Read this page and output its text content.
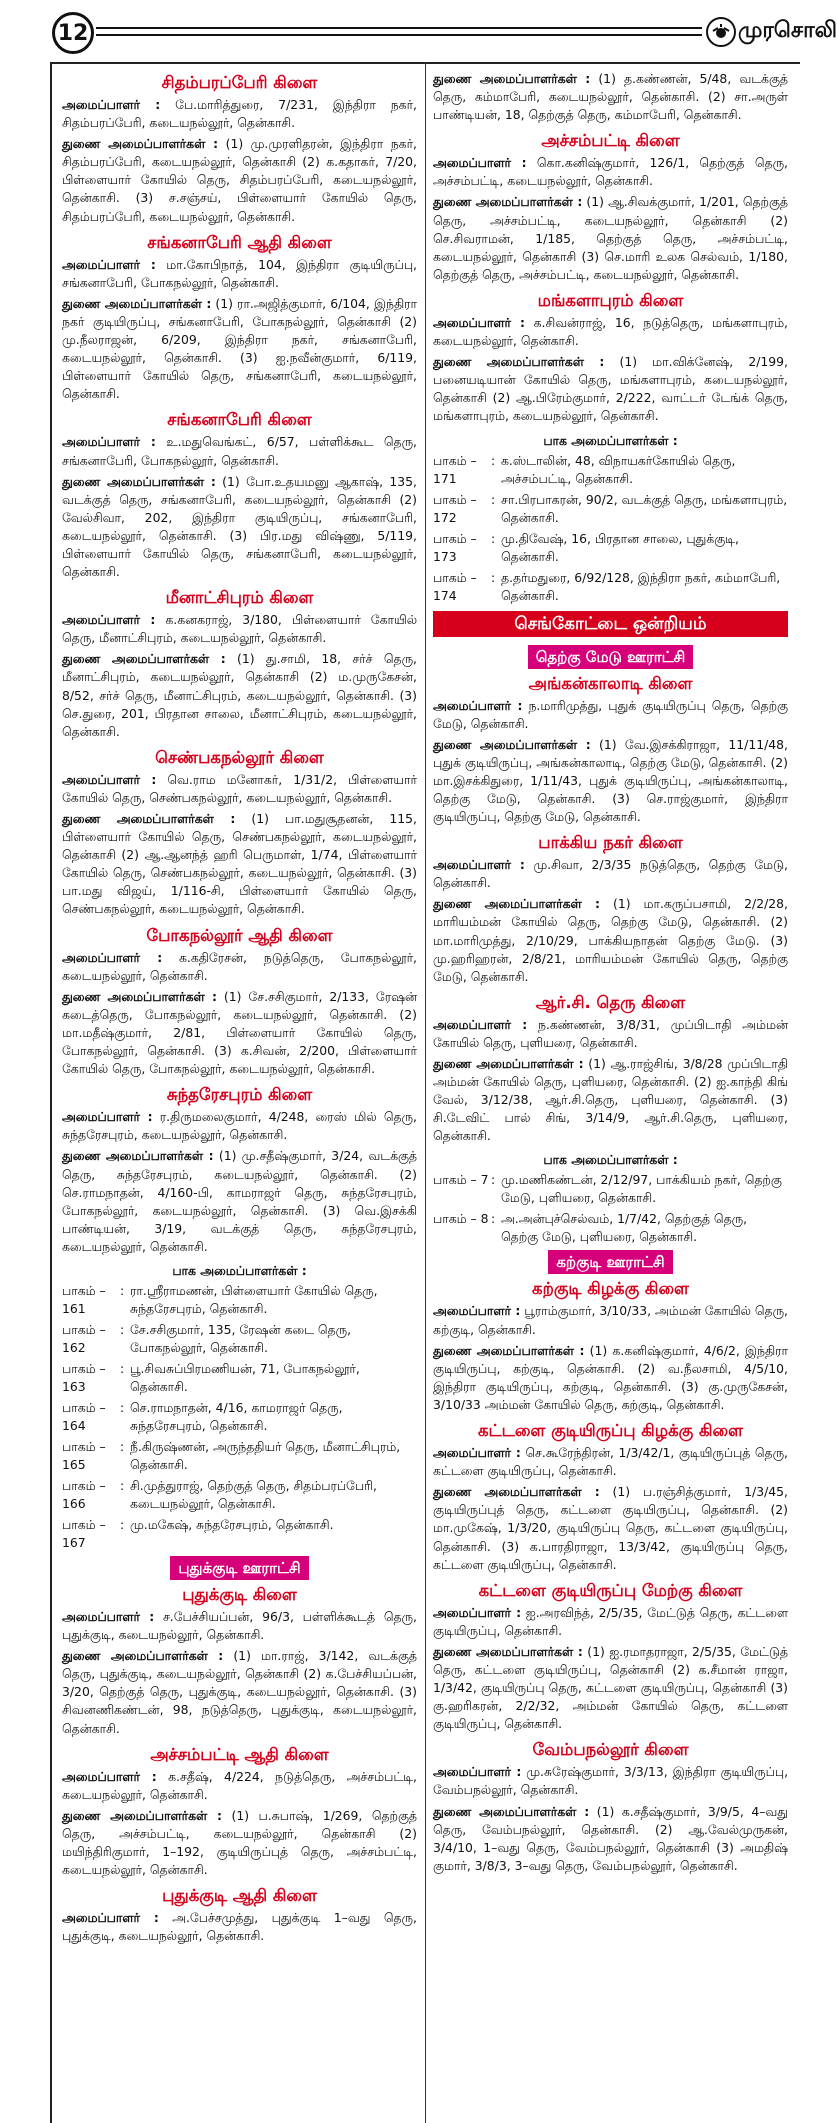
12	முரசொலி
சிதம்பரப்பேரி கிளை

அமைப்பாளர் : பே.மாரித்துரை, 7/231, இந்திரா நகர், சிதம்பரப்பேரி, கடையநல்லூர், தென்காசி.

துணை அமைப்பாளர்கள் : (1) மு.முரளிதரன், இந்திரா நகர், சிதம்பரப்பேரி, கடையநல்லூர், தென்காசி (2) க.கதாகர், 7/20, பிள்ளையார் கோயில் தெரு, சிதம்பரப்பேரி, கடையநல்லூர், தென்காசி. (3) ச.சஞ்சய், பிள்ளையார் கோயில் தெரு, சிதம்பரப்பேரி, கடையநல்லூர், தென்காசி.

சங்கனாபேரி ஆதி கிளை

அமைப்பாளர் : மா.கோபிநாத், 104, இந்திரா குடியிருப்பு, சங்கனாபேரி, போகநல்லூர், தென்காசி.

துணை அமைப்பாளர்கள் : (1) ரா.அஜித்குமார், 6/104, இந்திரா நகர் குடியிருப்பு, சங்கனாபேரி, போகநல்லூர், தென்காசி (2) மு.நீலராஜன், 6/209, இந்திரா நகர், சங்கனாபேரி, கடையநல்லூர், தென்காசி. (3) ஐ.நவீன்குமார், 6/119, பிள்ளையார் கோயில் தெரு, சங்கனாபேரி, கடையநல்லூர், தென்காசி.

சங்கனாபேரி கிளை

அமைப்பாளர் : உ.மதுவெங்கட், 6/57, பள்ளிக்கூட தெரு, சங்கனாபேரி, போகநல்லூர், தென்காசி.

துணை அமைப்பாளர்கள் : (1) போ.உதயமனு ஆகாஷ், 135, வடக்குத் தெரு, சங்கனாபேரி, கடையநல்லூர், தென்காசி (2) வேல்சிவா, 202, இந்திரா குடியிருப்பு, சங்கனாபேரி, கடையநல்லூர், தென்காசி. (3) பிர.மது விஷ்ணு, 5/119, பிள்ளையார் கோயில் தெரு, சங்கனாபேரி, கடையநல்லூர், தென்காசி.

மீனாட்சிபுரம் கிளை

அமைப்பாளர் : க.கனகராஜ், 3/180, பிள்ளையார் கோயில் தெரு, மீனாட்சிபுரம், கடையநல்லூர், தென்காசி.

துணை அமைப்பாளர்கள் : (1) து.சாமி, 18, சர்ச் தெரு, மீனாட்சிபுரம், கடையநல்லூர், தென்காசி (2) ம.முருகேசன், 8/52, சர்ச் தெரு, மீனாட்சிபுரம், கடையநல்லூர், தென்காசி. (3) செ.துரை, 201, பிரதான சாலை, மீனாட்சிபுரம், கடையநல்லூர், தென்காசி.

செண்பகநல்லூர் கிளை

அமைப்பாளர் : வெ.ராம மனோகர், 1/31/2, பிள்ளையார் கோயில் தெரு, செண்பகநல்லூர், கடையநல்லூர், தென்காசி.

துணை அமைப்பாளர்கள் : (1) பா.மதுசூதனன், 115, பிள்ளையார் கோயில் தெரு, செண்பகநல்லூர், கடையநல்லூர், தென்காசி (2) ஆ.ஆனந்த் ஹரி பெருமாள், 1/74, பிள்ளையார் கோயில் தெரு, செண்பகநல்லூர், கடையநல்லூர், தென்காசி. (3) பா.மது விஜய், 1/116-சி, பிள்ளையார் கோயில் தெரு, செண்பகநல்லூர், கடையநல்லூர், தென்காசி.

போகநல்லூர் ஆதி கிளை

அமைப்பாளர் : க.கதிரேசன், நடுத்தெரு, போகநல்லூர், கடையநல்லூர், தென்காசி.

துணை அமைப்பாளர்கள் : (1) சே.சசிகுமார், 2/133, ரேஷன் கடைத்தெரு, போகநல்லூர், கடையநல்லூர், தென்காசி. (2) மா.மதீஷ்குமார், 2/81, பிள்ளையார் கோயில் தெரு, போகநல்லூர், தென்காசி. (3) க.சிவன், 2/200, பிள்ளையார் கோயில் தெரு, போகநல்லூர், கடையநல்லூர், தென்காசி.

சுந்தரேசபுரம் கிளை

அமைப்பாளர் : ர.திருமலைகுமார், 4/248, ரைஸ் மில் தெரு, சுந்தரேசபுரம், கடையநல்லூர், தென்காசி.

துணை அமைப்பாளர்கள் : (1) மு.சதீஷ்குமார், 3/24, வடக்குத் தெரு, சுந்தரேசபுரம், கடையநல்லூர், தென்காசி. (2) செ.ராமநாதன், 4/160-பி, காமராஜர் தெரு, சுந்தரேசபுரம், போகநல்லூர், கடையநல்லூர், தென்காசி. (3) வெ.இசக்கி பாண்டியன், 3/19, வடக்குத் தெரு, சுந்தரேசபுரம், கடையநல்லூர், தென்காசி.

பாக அமைப்பாளர்கள் :
பாகம் – 161
: ரா.ஸ்ரீராமணன், பிள்ளையார் கோயில் தெரு, சுந்தரேசபுரம், தென்காசி.
பாகம் – 162
: சே.சசிகுமார், 135, ரேஷன் கடை தெரு, போகநல்லூர், தென்காசி.
பாகம் – 163
: பூ.சிவசுப்பிரமணியன், 71, போகநல்லூர், தென்காசி.
பாகம் – 164
: செ.ராமநாதன், 4/16, காமராஜர் தெரு, சுந்தரேசபுரம், தென்காசி.
பாகம் – 165
: நீ.கிருஷ்ணன், அருந்ததியர் தெரு, மீனாட்சிபுரம், தென்காசி.
பாகம் – 166
: சி.முத்துராஜ், தெற்குத் தெரு, சிதம்பரப்பேரி, கடையநல்லூர், தென்காசி.
பாகம் – 167
: மு.மகேஷ், சுந்தரேசபுரம், தென்காசி.
புதுக்குடி ஊராட்சி
புதுக்குடி கிளை

அமைப்பாளர் : ச.பேச்சியப்பன், 96/3, பள்ளிக்கூடத் தெரு, புதுக்குடி, கடையநல்லூர், தென்காசி.

துணை அமைப்பாளர்கள் : (1) மா.ராஜ், 3/142, வடக்குத் தெரு, புதுக்குடி, கடையநல்லூர், தென்காசி (2) க.பேச்சியப்பன், 3/20, தெற்குத் தெரு, புதுக்குடி, கடையநல்லூர், தென்காசி. (3) சிவனணிகண்டன், 98, நடுத்தெரு, புதுக்குடி, கடையநல்லூர், தென்காசி.

அச்சம்பட்டி ஆதி கிளை

அமைப்பாளர் : க.சதீஷ், 4/224, நடுத்தெரு, அச்சம்பட்டி, கடையநல்லூர், தென்காசி.

துணை அமைப்பாளர்கள் : (1) ப.சுபாஷ், 1/269, தெற்குத் தெரு, அச்சம்பட்டி, கடையநல்லூர், தென்காசி (2) மயிந்திரிகுமார், 1–192, குடியிருப்புத் தெரு, அச்சம்பட்டி, கடையநல்லூர், தென்காசி.

புதுக்குடி ஆதி கிளை

அமைப்பாளர் : அ.பேச்சமுத்து, புதுக்குடி 1–வது தெரு, புதுக்குடி, கடையநல்லூர், தென்காசி.

துணை அமைப்பாளர்கள் : (1) த.கண்ணன், 5/48, வடக்குத் தெரு, கம்மாபேரி, கடையநல்லூர், தென்காசி. (2) சா.அருள் பாண்டியன், 18, தெற்குத் தெரு, கம்மாபேரி, தென்காசி.

அச்சம்பட்டி கிளை

அமைப்பாளர் : கொ.கனிஷ்குமார், 126/1, தெற்குத் தெரு, அச்சம்பட்டி, கடையநல்லூர், தென்காசி.

துணை அமைப்பாளர்கள் : (1) ஆ.சிவக்குமார், 1/201, தெற்குத் தெரு, அச்சம்பட்டி, கடையநல்லூர், தென்காசி (2) செ.சிவராமன், 1/185, தெற்குத் தெரு, அச்சம்பட்டி, கடையநல்லூர், தென்காசி (3) செ.மாரி உலக செல்வம், 1/180, தெற்குத் தெரு, அச்சம்பட்டி, கடையநல்லூர், தென்காசி.

மங்களாபுரம் கிளை

அமைப்பாளர் : க.சிவன்ராஜ், 16, நடுத்தெரு, மங்களாபுரம், கடையநல்லூர், தென்காசி.

துணை அமைப்பாளர்கள் : (1) மா.விக்னேஷ், 2/199, பனையடியான் கோயில் தெரு, மங்களாபுரம், கடையநல்லூர், தென்காசி (2) ஆ.பிரேம்குமார், 2/222, வாட்டர் டேங்க் தெரு, மங்களாபுரம், கடையநல்லூர், தென்காசி.

பாக அமைப்பாளர்கள் :
பாகம் – 171
: க.ஸ்டாலின், 48, விநாயகர்கோயில் தெரு, அச்சம்பட்டி, தென்காசி.
பாகம் – 172
: சா.பிரபாகரன், 90/2, வடக்குத் தெரு, மங்களாபுரம், தென்காசி.
பாகம் – 173
: மு.திவேஷ், 16, பிரதான சாலை, புதுக்குடி, தென்காசி.
பாகம் – 174
: த.தர்மதுரை, 6/92/128, இந்திரா நகர், கம்மாபேரி, தென்காசி.
செங்கோட்டை ஒன்றியம்
தெற்கு மேடு ஊராட்சி
அங்கன்காலாடி கிளை

அமைப்பாளர் : ந.மாரிமுத்து, புதுக் குடியிருப்பு தெரு, தெற்கு மேடு, தென்காசி.

துணை அமைப்பாளர்கள் : (1) வே.இசக்கிராஜா, 11/11/48, புதுக் குடியிருப்பு, அங்கன்காலாடி, தெற்கு மேடு, தென்காசி. (2) மா.இசக்கிதுரை, 1/11/43, புதுக் குடியிருப்பு, அங்கன்காலாடி, தெற்கு மேடு, தென்காசி. (3) செ.ராஜ்குமார், இந்திரா குடியிருப்பு, தெற்கு மேடு, தென்காசி.

பாக்கிய நகர் கிளை

அமைப்பாளர் : மு.சிவா, 2/3/35 நடுத்தெரு, தெற்கு மேடு, தென்காசி.

துணை அமைப்பாளர்கள் : (1) மா.கருப்பசாமி, 2/2/28, மாரியம்மன் கோயில் தெரு, தெற்கு மேடு, தென்காசி. (2) மா.மாரிமுத்து, 2/10/29, பாக்கியநாதன் தெற்கு மேடு. (3) மு.ஹரிஹரன், 2/8/21, மாரியம்மன் கோயில் தெரு, தெற்கு மேடு, தென்காசி.

ஆர்.சி. தெரு கிளை

அமைப்பாளர் : ந.கண்ணன், 3/8/31, முப்பிடாதி அம்மன் கோயில் தெரு, புளியரை, தென்காசி.

துணை அமைப்பாளர்கள் : (1) ஆ.ராஜ்சிங், 3/8/28 முப்பிடாதி அம்மன் கோயில் தெரு, புளியரை, தென்காசி. (2) ஐ.காந்தி கிங் வேல், 3/12/38, ஆர்.சி.தெரு, புளியரை, தென்காசி. (3) சி.டேவிட் பால் சிங், 3/14/9, ஆர்.சி.தெரு, புளியரை, தென்காசி.

பாக அமைப்பாளர்கள் :
பாகம் – 7 : மு.மணிகண்டன், 2/12/97, பாக்கியம் நகர், தெற்கு மேடு, புளியரை, தென்காசி.
பாகம் – 8 : அ.அன்புச்செல்வம், 1/7/42, தெற்குத் தெரு, தெற்கு மேடு, புளியரை, தென்காசி.
கற்குடி ஊராட்சி
கற்குடி கிழக்கு கிளை

அமைப்பாளர் : பூராம்குமார், 3/10/33, அம்மன் கோயில் தெரு, கற்குடி, தென்காசி.

துணை அமைப்பாளர்கள் : (1) க.கனிஷ்குமார், 4/6/2, இந்திரா குடியிருப்பு, கற்குடி, தென்காசி. (2) வ.நீலசாமி, 4/5/10, இந்திரா குடியிருப்பு, கற்குடி, தென்காசி. (3) கு.முருகேசன், 3/10/33 அம்மன் கோயில் தெரு, கற்குடி, தென்காசி.

கட்டளை குடியிருப்பு கிழக்கு கிளை

அமைப்பாளர் : செ.கூரேந்திரன், 1/3/42/1, குடியிருப்புத் தெரு, கட்டளை குடியிருப்பு, தென்காசி.

துணை அமைப்பாளர்கள் : (1) ப.ரஞ்சித்குமார், 1/3/45, குடியிருப்புத் தெரு, கட்டளை குடியிருப்பு, தென்காசி. (2) மா.முகேஷ், 1/3/20, குடியிருப்பு தெரு, கட்டளை குடியிருப்பு, தென்காசி. (3) க.பாரதிராஜா, 13/3/42, குடியிருப்பு தெரு, கட்டளை குடியிருப்பு, தென்காசி.

கட்டளை குடியிருப்பு மேற்கு கிளை

அமைப்பாளர் : ஐ.அரவிந்த், 2/5/35, மேட்டுத் தெரு, கட்டளை குடியிருப்பு, தென்காசி.

துணை அமைப்பாளர்கள் : (1) ஐ.ரமாதராஜா, 2/5/35, மேட்டுத் தெரு, கட்டளை குடியிருப்பு, தென்காசி (2) க.சீமான் ராஜா, 1/3/42, குடியிருப்பு தெரு, கட்டளை குடியிருப்பு, தென்காசி (3) கு.ஹரிகரன், 2/2/32, அம்மன் கோயில் தெரு, கட்டளை குடியிருப்பு, தென்காசி.

வேம்பநல்லூர் கிளை

அமைப்பாளர் : மு.சுரேஷ்குமார், 3/3/13, இந்திரா குடியிருப்பு, வேம்பநல்லூர், தென்காசி.

துணை அமைப்பாளர்கள் : (1) க.சதீஷ்குமார், 3/9/5, 4–வது தெரு, வேம்பநல்லூர், தென்காசி. (2) ஆ.வேல்முருகன், 3/4/10, 1–வது தெரு, வேம்பநல்லூர், தென்காசி (3) அமதிஷ் குமார், 3/8/3, 3–வது தெரு, வேம்பநல்லூர், தென்காசி.
